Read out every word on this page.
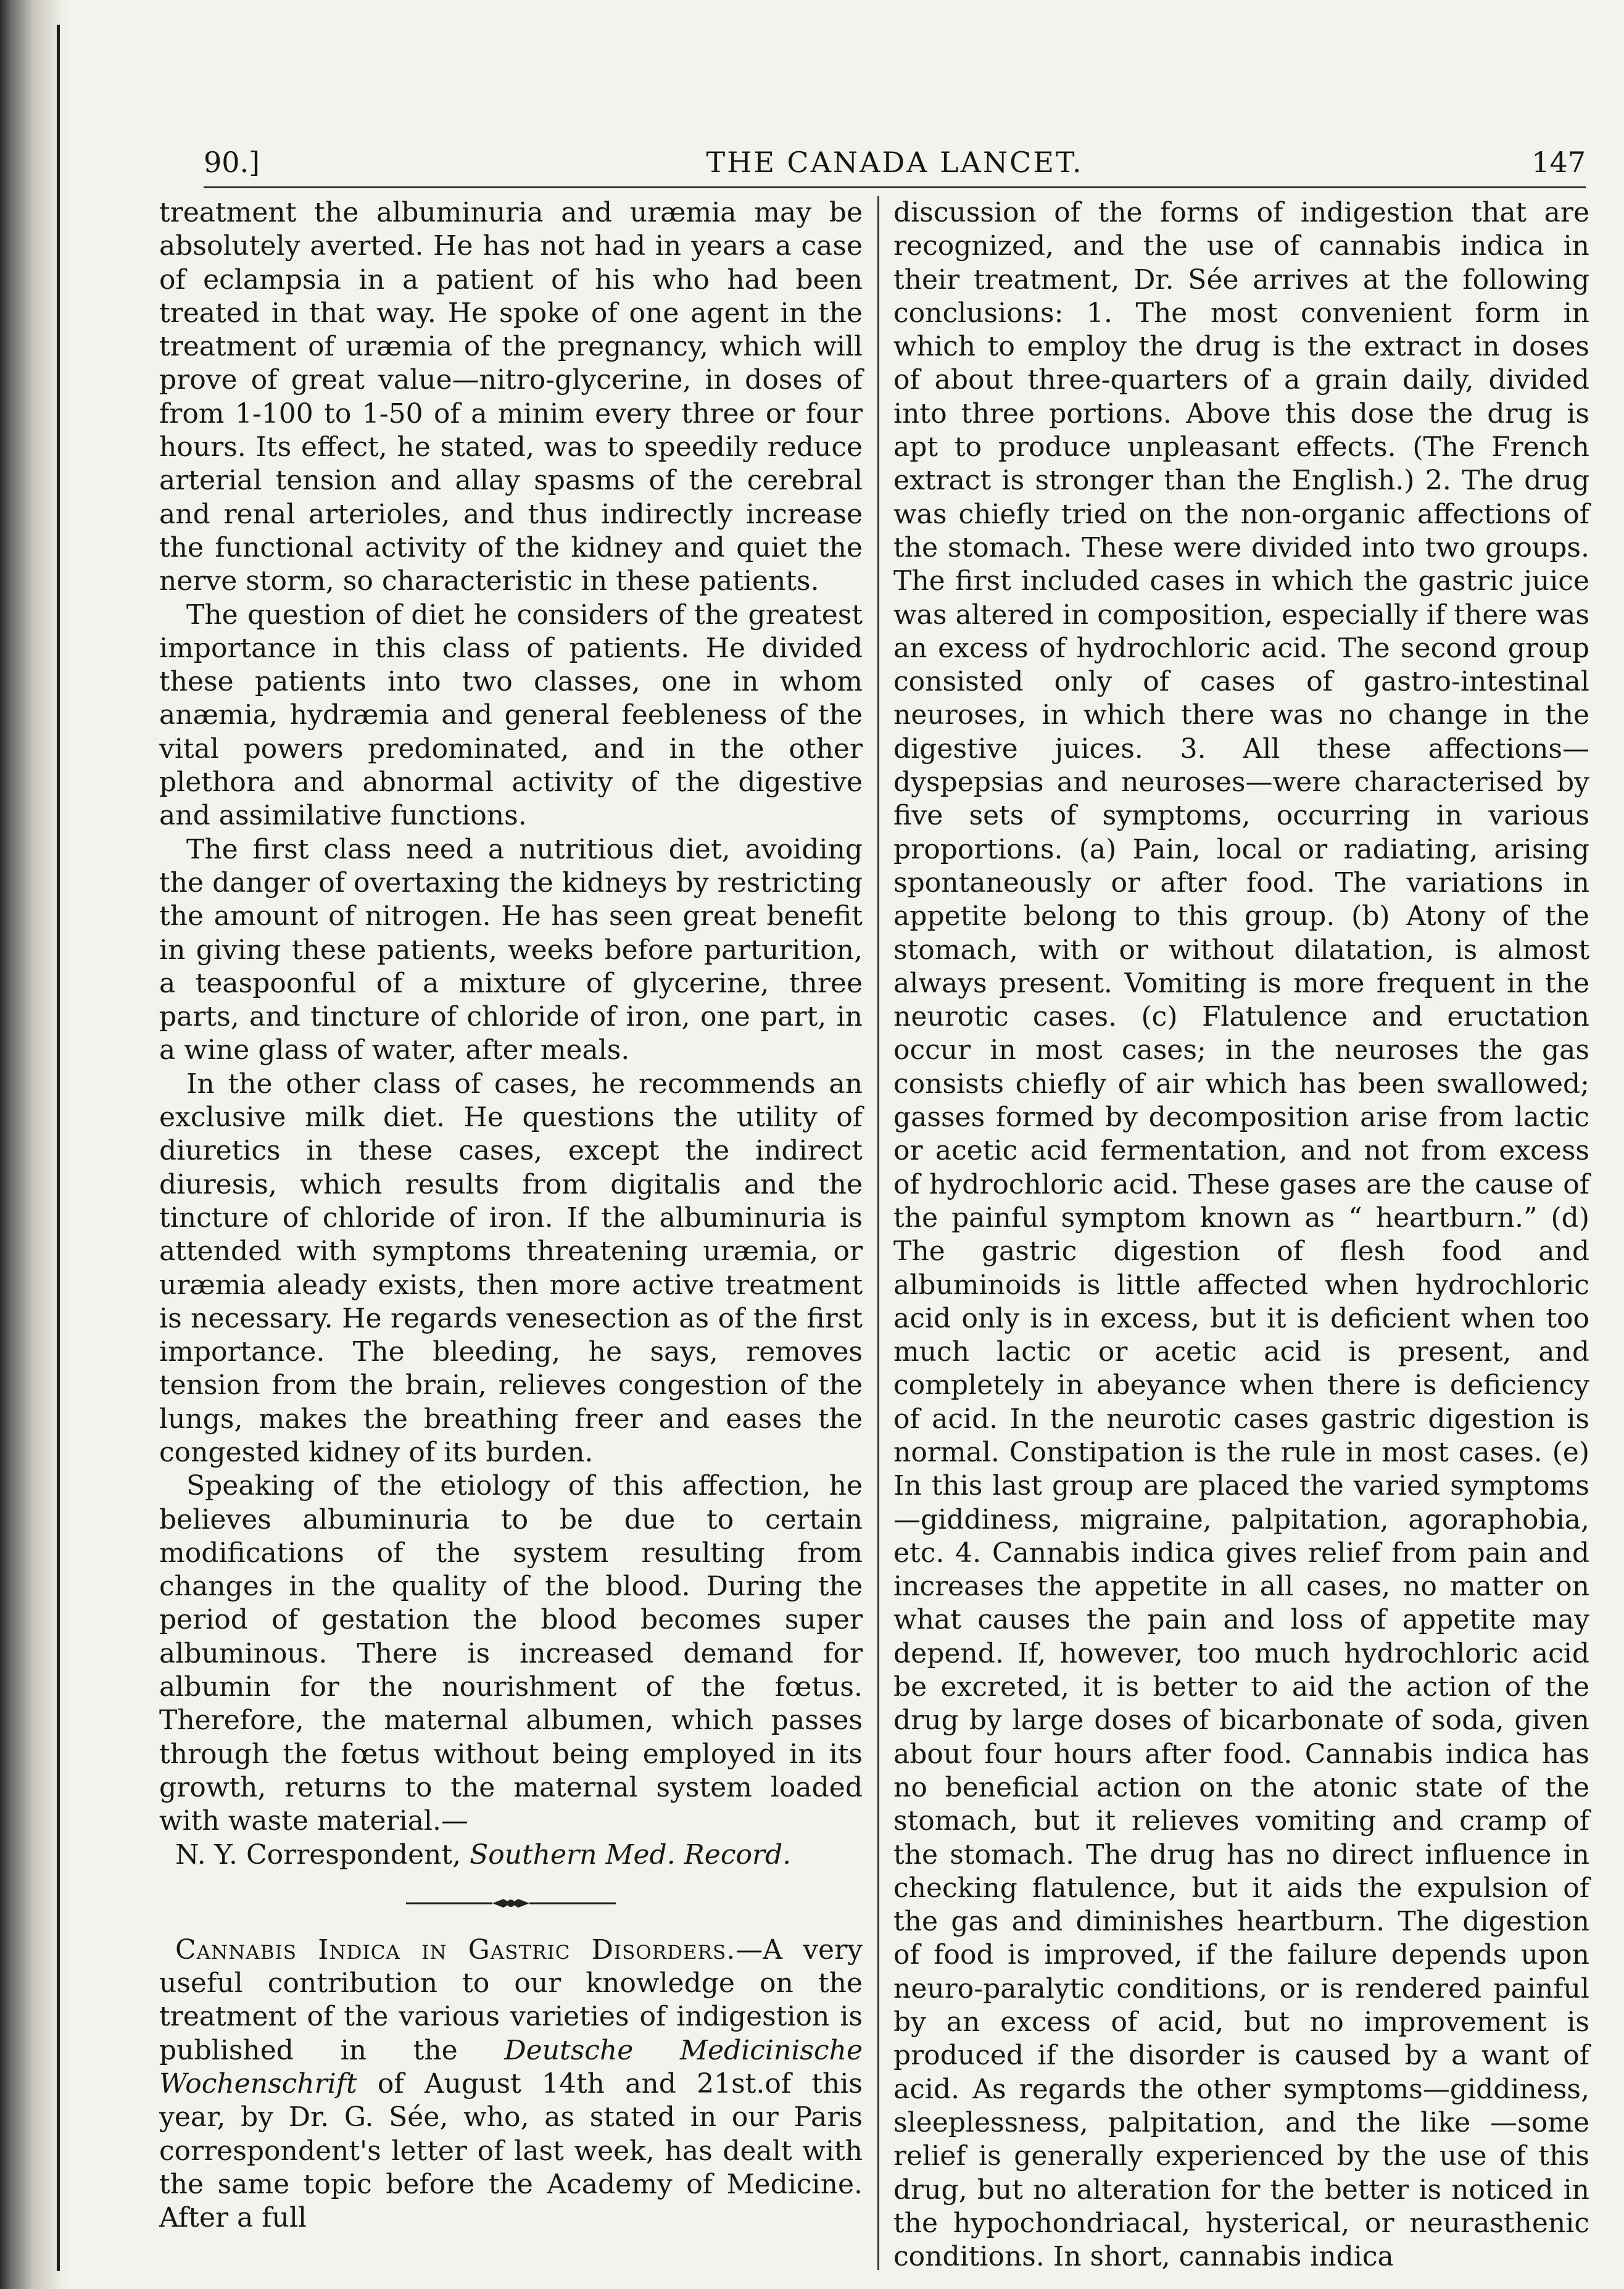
90.]	THE CANADA LANCET.	147

treatment the albuminuria and uræmia may be absolutely averted. He has not had in years a case of eclampsia in a patient of his who had been treated in that way. He spoke of one agent in the treatment of uræmia of the pregnancy, which will prove of great value—nitro-glycerine, in doses of from 1-100 to 1-50 of a minim every three or four hours. Its effect, he stated, was to speedily reduce arterial tension and allay spasms of the cerebral and renal arterioles, and thus indirectly increase the functional activity of the kidney and quiet the nerve storm, so characteristic in these patients.

The question of diet he considers of the greatest importance in this class of patients. He divided these patients into two classes, one in whom anæmia, hydræmia and general feebleness of the vital powers predominated, and in the other plethora and abnormal activity of the digestive and assimilative functions.

The first class need a nutritious diet, avoiding the danger of overtaxing the kidneys by restricting the amount of nitrogen. He has seen great benefit in giving these patients, weeks before parturition, a teaspoonful of a mixture of glycerine, three parts, and tincture of chloride of iron, one part, in a wine glass of water, after meals.

In the other class of cases, he recommends an exclusive milk diet. He questions the utility of diuretics in these cases, except the indirect diuresis, which results from digitalis and the tincture of chloride of iron. If the albuminuria is attended with symptoms threatening uræmia, or uræmia aleady exists, then more active treatment is necessary. He regards venesection as of the first importance. The bleeding, he says, removes tension from the brain, relieves congestion of the lungs, makes the breathing freer and eases the congested kidney of its burden.

Speaking of the etiology of this affection, he believes albuminuria to be due to certain modifications of the system resulting from changes in the quality of the blood. During the period of gestation the blood becomes super albuminous. There is increased demand for albumin for the nourishment of the fœtus. Therefore, the maternal albumen, which passes through the fœtus without being employed in its growth, returns to the maternal system loaded with waste material.—

N. Y. Correspondent, Southern Med. Record.

Cannabis Indica in Gastric Disorders.—A very useful contribution to our knowledge on the treatment of the various varieties of indigestion is published in the Deutsche Medicinische Wochenschrift of August 14th and 21st.of this year, by Dr. G. Sée, who, as stated in our Paris correspondent's letter of last week, has dealt with the same topic before the Academy of Medicine. After a full

discussion of the forms of indigestion that are recognized, and the use of cannabis indica in their treatment, Dr. Sée arrives at the following conclusions: 1. The most convenient form in which to employ the drug is the extract in doses of about three-quarters of a grain daily, divided into three portions. Above this dose the drug is apt to produce unpleasant effects. (The French extract is stronger than the English.) 2. The drug was chiefly tried on the non-organic affections of the stomach. These were divided into two groups. The first included cases in which the gastric juice was altered in composition, especially if there was an excess of hydrochloric acid. The second group consisted only of cases of gastro-intestinal neuroses, in which there was no change in the digestive juices. 3. All these affections—dyspepsias and neuroses—were characterised by five sets of symptoms, occurring in various proportions. (a) Pain, local or radiating, arising spontaneously or after food. The variations in appetite belong to this group. (b) Atony of the stomach, with or without dilatation, is almost always present. Vomiting is more frequent in the neurotic cases. (c) Flatulence and eructation occur in most cases; in the neuroses the gas consists chiefly of air which has been swallowed; gasses formed by decomposition arise from lactic or acetic acid fermentation, and not from excess of hydrochloric acid. These gases are the cause of the painful symptom known as “ heartburn.” (d) The gastric digestion of flesh food and albuminoids is little affected when hydrochloric acid only is in excess, but it is deficient when too much lactic or acetic acid is present, and completely in abeyance when there is deficiency of acid. In the neurotic cases gastric digestion is normal. Constipation is the rule in most cases. (e) In this last group are placed the varied symptoms—giddiness, migraine, palpitation, agoraphobia, etc. 4. Cannabis indica gives relief from pain and increases the appetite in all cases, no matter on what causes the pain and loss of appetite may depend. If, however, too much hydrochloric acid be excreted, it is better to aid the action of the drug by large doses of bicarbonate of soda, given about four hours after food. Cannabis indica has no beneficial action on the atonic state of the stomach, but it relieves vomiting and cramp of the stomach. The drug has no direct influence in checking flatulence, but it aids the expulsion of the gas and diminishes heartburn. The digestion of food is improved, if the failure depends upon neuro-paralytic conditions, or is rendered painful by an excess of acid, but no improvement is produced if the disorder is caused by a want of acid. As regards the other symptoms—giddiness, sleeplessness, palpitation, and the like —some relief is generally experienced by the use of this drug, but no alteration for the better is noticed in the hypochondriacal, hysterical, or neurasthenic conditions. In short, cannabis indica
